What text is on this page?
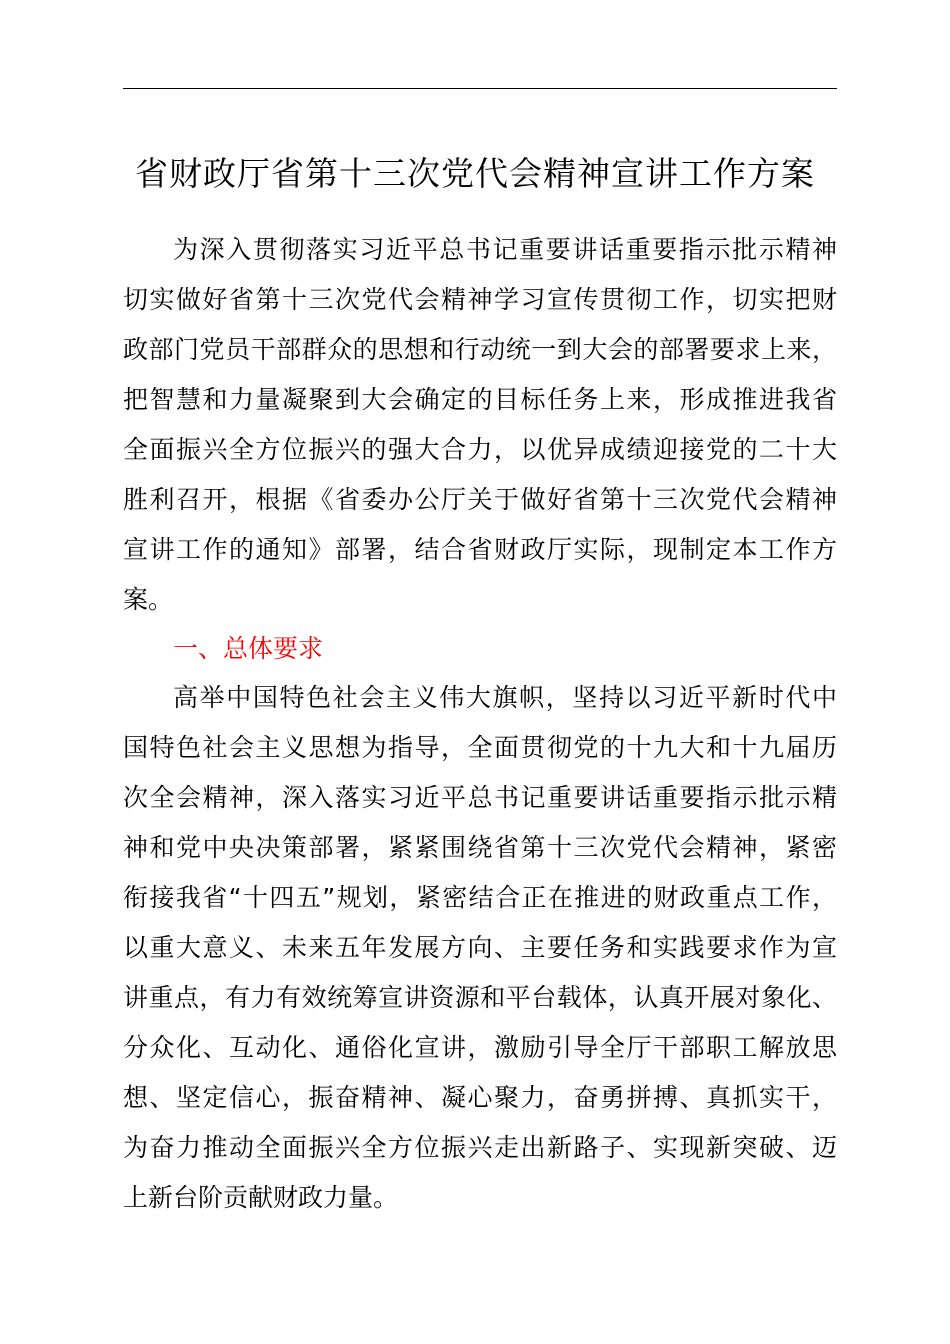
省财政厅省第十三次党代会精神宣讲工作方案
为深入贯彻落实习近平总书记重要讲话重要指示批示精神
切实做好省第十三次党代会精神学习宣传贯彻工作，切实把财
政部门党员干部群众的思想和行动统一到大会的部署要求上来，
把智慧和力量凝聚到大会确定的目标任务上来，形成推进我省
全面振兴全方位振兴的强大合力，以优异成绩迎接党的二十大
胜利召开，根据《省委办公厅关于做好省第十三次党代会精神
宣讲工作的通知》部署，结合省财政厅实际，现制定本工作方
案。
一、总体要求
高举中国特色社会主义伟大旗帜，坚持以习近平新时代中
国特色社会主义思想为指导，全面贯彻党的十九大和十九届历
次全会精神，深入落实习近平总书记重要讲话重要指示批示精
神和党中央决策部署，紧紧围绕省第十三次党代会精神，紧密
衔接我省“十四五”规划，紧密结合正在推进的财政重点工作，
以重大意义、未来五年发展方向、主要任务和实践要求作为宣
讲重点，有力有效统筹宣讲资源和平台载体，认真开展对象化、
分众化、互动化、通俗化宣讲，激励引导全厅干部职工解放思
想、坚定信心，振奋精神、凝心聚力，奋勇拼搏、真抓实干，
为奋力推动全面振兴全方位振兴走出新路子、实现新突破、迈
上新台阶贡献财政力量。
